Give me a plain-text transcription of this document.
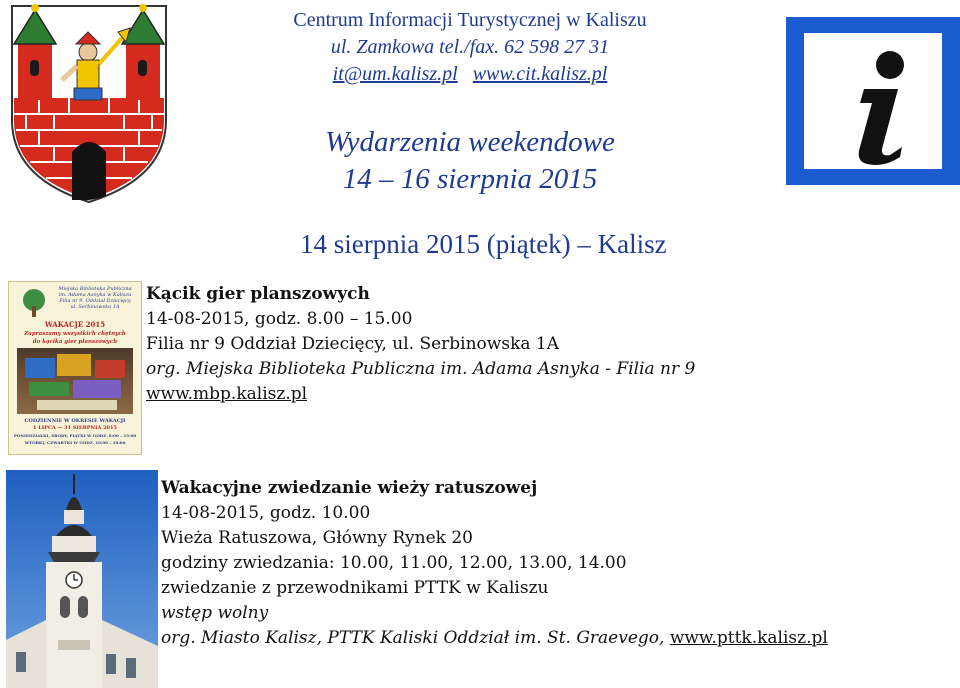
Centrum Informacji Turystycznej w Kaliszu
ul. Zamkowa tel./fax. 62 598 27 31
it@um.kalisz.pl www.cit.kalisz.pl
Wydarzenia weekendowe
14 – 16 sierpnia 2015
14 sierpnia 2015 (piątek) – Kalisz
Miejska Biblioteka Publiczna
im. Adama Asnyka w Kaliszu
Filia nr 9, Oddział Dziecięcy
ul. Serbinowska 1A
WAKACJE 2015
Zapraszamy wszystkich chętnych
do kącika gier planszowych
CODZIENNIE W OKRESIE WAKACJI
1 LIPCA — 31 SIERPNIA 2015
PONIEDZIAŁKI, ŚRODY, PIĄTKI W GODZ. 8:00 – 15:00
WTORKI, CZWARTKI W GODZ. 10:00 – 18:00
Kącik gier planszowych
14-08-2015, godz. 8.00 – 15.00
Filia nr 9 Oddział Dziecięcy, ul. Serbinowska 1A
org. Miejska Biblioteka Publiczna im. Adama Asnyka - Filia nr 9
www.mbp.kalisz.pl
Wakacyjne zwiedzanie wieży ratuszowej
14-08-2015, godz. 10.00
Wieża Ratuszowa, Główny Rynek 20
godziny zwiedzania: 10.00, 11.00, 12.00, 13.00, 14.00
zwiedzanie z przewodnikami PTTK w Kaliszu
wstęp wolny
org. Miasto Kalisz, PTTK Kaliski Oddział im. St. Graevego, www.pttk.kalisz.pl
